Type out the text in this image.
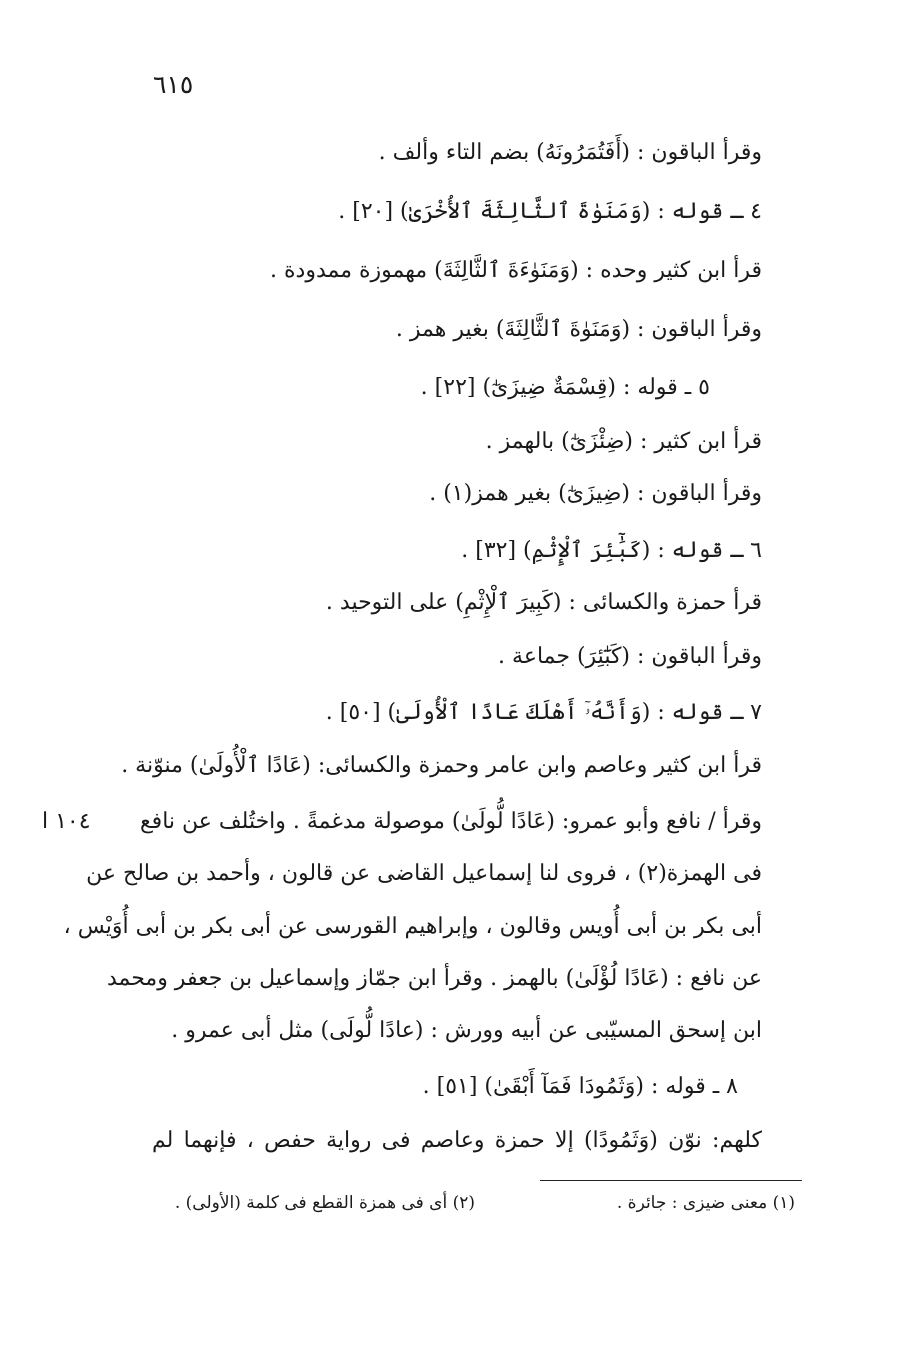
٦١٥
وقرأ الباقون : (أَفَتُمَرُونَهُ) بضم التاء وألف .
٤ ـ قوله : (وَمَنَوٰةَ ٱلثَّالِثَةَ ٱلأُخْرَىٰ) [٢٠] .
قرأ ابن كثير وحده : (وَمَنَوٰءَةَ ٱلثَّالِثَةَ) مهموزة ممدودة .
وقرأ الباقون : (وَمَنَوٰةَ ٱلثَّالِثَةَ) بغير همز .
٥ ـ قوله : (قِسْمَةٌ ضِيزَىٰٓ) [٢٢] .
قرأ ابن كثير : (ضِئْزَىٰٓ) بالهمز .
وقرأ الباقون : (ضِيزَىٰٓ) بغير همز(١) .
٦ ـ قوله : (كَبَٰٓئِرَ ٱلْإِثْمِ) [٣٢] .
قرأ حمزة والكسائى : (كَبِيرَ ٱلْإِثْمِ) على التوحيد .
وقرأ الباقون : (كَبَٰٓئِرَ) جماعة .
٧ ـ قوله : (وَأَنَّهُۥٓ أَهْلَكَ عَادًا ٱلْأُولَىٰ) [٥٠] .
قرأ ابن كثير وعاصم وابن عامر وحمزة والكسائى: (عَادًا ٱلْأُولَىٰ) منوّنة .
١٠٤ ا وقرأ / نافع وأبو عمرو: (عَادًا لُّولَىٰ) موصولة مدغمةً . واختُلف عن نافع
فى الهمزة(٢) ، فروى لنا إسماعيل القاضى عن قالون ، وأحمد بن صالح عن
أبى بكر بن أبى أُويس وقالون ، وإبراهيم القورسى عن أبى بكر بن أبى أُوَيْس ،
عن نافع : (عَادًا لُؤْلَىٰ) بالهمز . وقرأ ابن جمّاز وإسماعيل بن جعفر ومحمد
ابن إسحق المسيّبى عن أبيه وورش : (عادًا لُّولَى) مثل أبى عمرو .
٨ ـ قوله : (وَثَمُودَا فَمَآ أَبْقَىٰ) [٥١] .
كلهم: نوّن (وَثَمُودًا) إلا حمزة وعاصم فى رواية حفص ، فإنهما لم
(١) معنى ضيزى : جائرة .
(٢) أى فى همزة القطع فى كلمة (الأولى) .
